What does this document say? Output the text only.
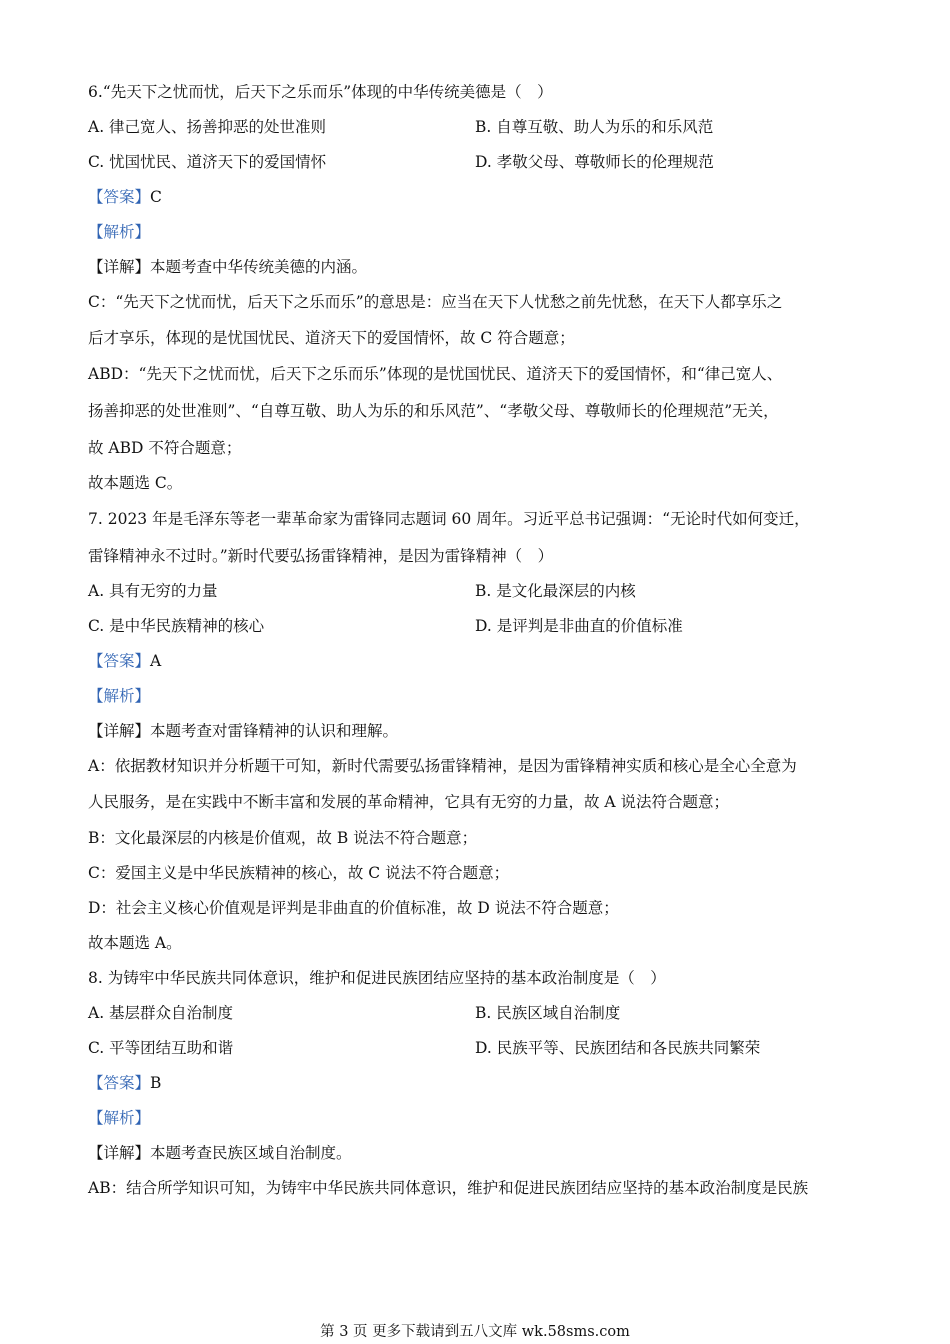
6.“先天下之忧而忧，后天下之乐而乐”体现的中华传统美德是（　）
A. 律己宽人、扬善抑恶的处世准则	B. 自尊互敬、助人为乐的和乐风范
C. 忧国忧民、道济天下的爱国情怀	D. 孝敬父母、尊敬师长的伦理规范
【答案】C
【解析】
【详解】本题考查中华传统美德的内涵。
C：“先天下之忧而忧，后天下之乐而乐”的意思是：应当在天下人忧愁之前先忧愁，在天下人都享乐之
后才享乐，体现的是忧国忧民、道济天下的爱国情怀，故 C 符合题意；
ABD：“先天下之忧而忧，后天下之乐而乐”体现的是忧国忧民、道济天下的爱国情怀，和“律己宽人、
扬善抑恶的处世准则”、“自尊互敬、助人为乐的和乐风范”、“孝敬父母、尊敬师长的伦理规范”无关，
故 ABD 不符合题意；
故本题选 C。
7. 2023 年是毛泽东等老一辈革命家为雷锋同志题词 60 周年。习近平总书记强调：“无论时代如何变迁，
雷锋精神永不过时。”新时代要弘扬雷锋精神，是因为雷锋精神（　）
A. 具有无穷的力量	B. 是文化最深层的内核
C. 是中华民族精神的核心	D. 是评判是非曲直的价值标准
【答案】A
【解析】
【详解】本题考查对雷锋精神的认识和理解。
A：依据教材知识并分析题干可知，新时代需要弘扬雷锋精神，是因为雷锋精神实质和核心是全心全意为
人民服务，是在实践中不断丰富和发展的革命精神，它具有无穷的力量，故 A 说法符合题意；
B：文化最深层的内核是价值观，故 B 说法不符合题意；
C：爱国主义是中华民族精神的核心，故 C 说法不符合题意；
D：社会主义核心价值观是评判是非曲直的价值标准，故 D 说法不符合题意；
故本题选 A。
8. 为铸牢中华民族共同体意识，维护和促进民族团结应坚持的基本政治制度是（　）
A. 基层群众自治制度	B. 民族区域自治制度
C. 平等团结互助和谐	D. 民族平等、民族团结和各民族共同繁荣
【答案】B
【解析】
【详解】本题考查民族区域自治制度。
AB：结合所学知识可知，为铸牢中华民族共同体意识，维护和促进民族团结应坚持的基本政治制度是民族
第 3 页 更多下载请到五八文库 wk.58sms.com
